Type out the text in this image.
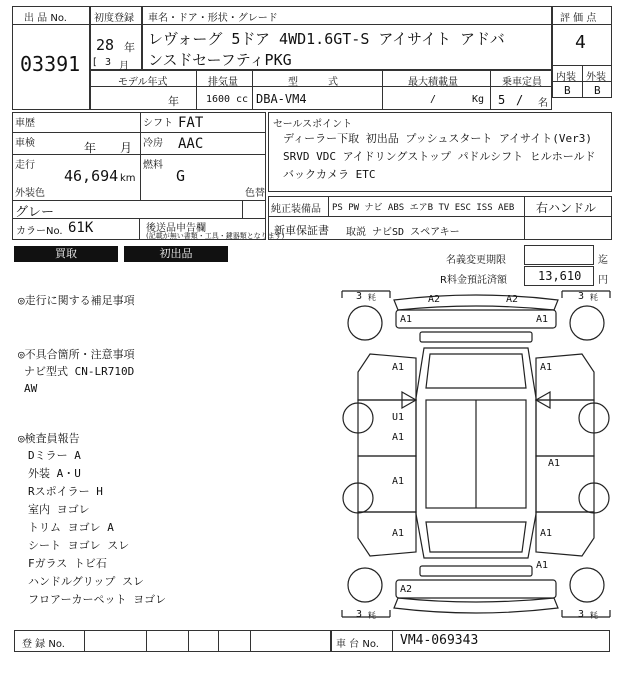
出 品 No.
03391
初度登録
28 年
[ 3 月
車名・ドア・形状・グレード
レヴォーグ 5ドア 4WD1.6GT-S アイサイト アドバ
ンスドセーフティPKG
評 価 点
4
内装 外装
B B
モデル年式
年
排気量
1600 cc
型　　　式
DBA-VM4
最大積載量
/	Kg
乗車定員
5 / 名
車歴	シフト FAT
車検	年 月 冷房 AAC
走行
46,694 km
燃料
G
外装色	色替
グレー
カラーNo. 61K	後送品申告欄
(記載が無い書類・工具・鍵器類となります)
セールスポイント
ディーラー下取 初出品 プッシュスタート アイサイト(Ver3)
SRVD VDC アイドリングストップ パドルシフト ヒルホールド
バックカメラ ETC
純正装備品 PS PW ナビ ABS エアB TV ESC ISS AEB 右ハンドル
新車保証書 取説 ナビSD スペアキー
買取	初出品
名義変更期限	迄
R料金預託済額	13,610 円
◎走行に関する補足事項
◎不具合箇所・注意事項
ナビ型式 CN-LR710D
AW
◎検査員報告
Dミラー A
外装 A・U
Rスポイラー H
室内 ヨゴレ
トリム ヨゴレ A
シート ヨゴレ スレ
Fガラス トビ石
ハンドルグリップ スレ
フロアーカーペット ヨゴレ
3 粍	3 粍
3 粍	3 粍
A2	A2
A1	A1
A1	A1
U1
A1
A1
A1
A1	A1
A1
A2
登 録 No.	車 台 No. VM4-069343
